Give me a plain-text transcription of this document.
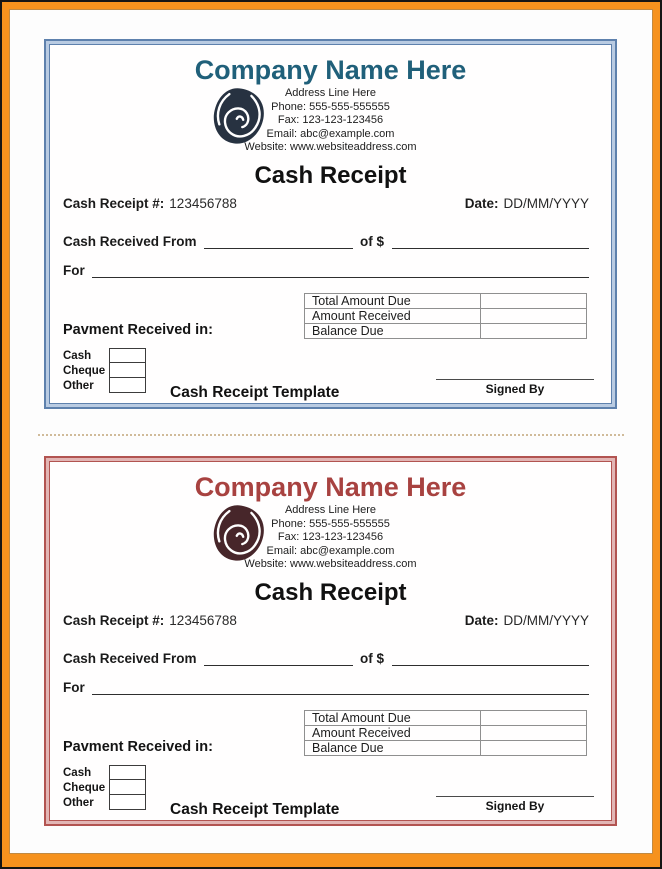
Company Name Here
Address Line Here
Phone: 555-555-555555
Fax: 123-123-123456
Email: abc@example.com
Website: www.websiteaddress.com
Cash Receipt
Cash Receipt #: 123456788	Date: DD/MM/YYYY
Cash Received From	of $
For
Total Amount Due	
Amount Received	
Balance Due	
Pavment Received in:
Cash
Cheque
Other	Cash Receipt Template	Signed By
Company Name Here
Address Line Here
Phone: 555-555-555555
Fax: 123-123-123456
Email: abc@example.com
Website: www.websiteaddress.com
Cash Receipt
Cash Receipt #: 123456788	Date: DD/MM/YYYY
Cash Received From	of $
For
Total Amount Due	
Amount Received	
Balance Due	
Pavment Received in:
Cash
Cheque
Other	Cash Receipt Template	Signed By
